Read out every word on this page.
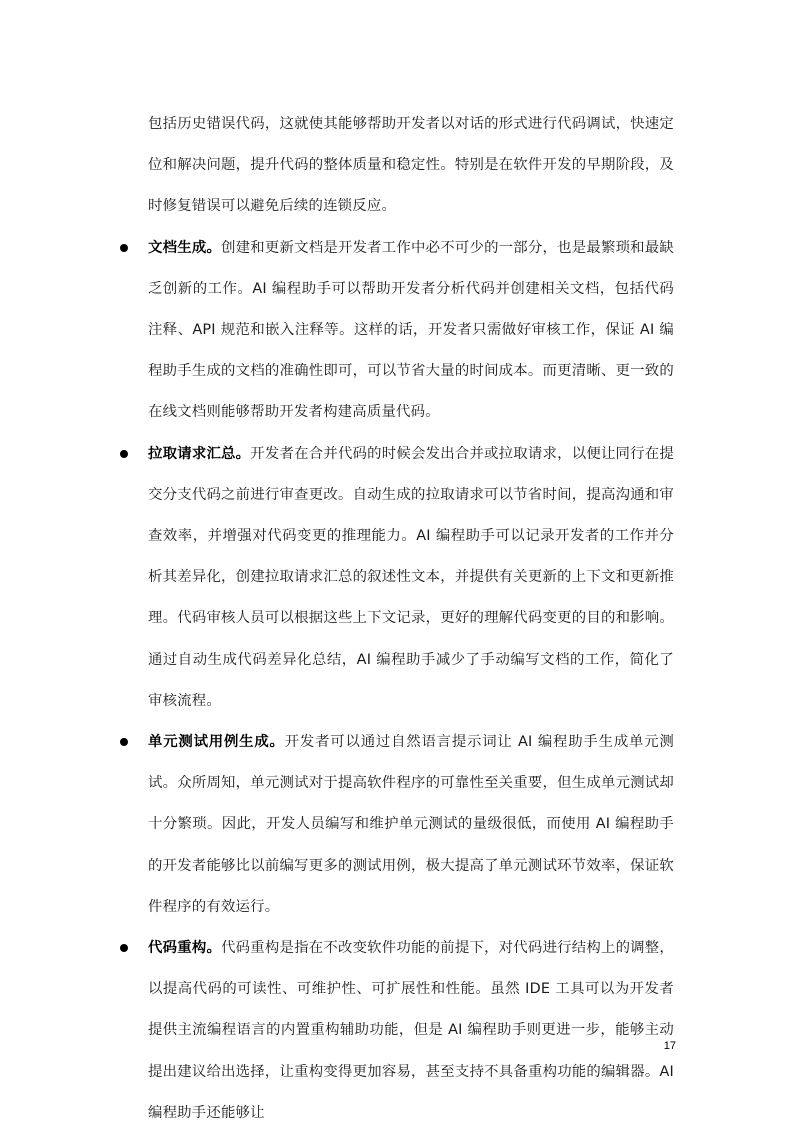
包括历史错误代码，这就使其能够帮助开发者以对话的形式进行代码调试，快速定位和解决问题，提升代码的整体质量和稳定性。特别是在软件开发的早期阶段，及时修复错误可以避免后续的连锁反应。

文档生成。创建和更新文档是开发者工作中必不可少的一部分，也是最繁琐和最缺乏创新的工作。AI 编程助手可以帮助开发者分析代码并创建相关文档，包括代码注释、API 规范和嵌入注释等。这样的话，开发者只需做好审核工作，保证 AI 编程助手生成的文档的准确性即可，可以节省大量的时间成本。而更清晰、更一致的在线文档则能够帮助开发者构建高质量代码。

拉取请求汇总。开发者在合并代码的时候会发出合并或拉取请求，以便让同行在提交分支代码之前进行审查更改。自动生成的拉取请求可以节省时间，提高沟通和审查效率，并增强对代码变更的推理能力。AI 编程助手可以记录开发者的工作并分析其差异化，创建拉取请求汇总的叙述性文本，并提供有关更新的上下文和更新推理。代码审核人员可以根据这些上下文记录，更好的理解代码变更的目的和影响。通过自动生成代码差异化总结，AI 编程助手减少了手动编写文档的工作，简化了审核流程。

单元测试用例生成。开发者可以通过自然语言提示词让 AI 编程助手生成单元测试。众所周知，单元测试对于提高软件程序的可靠性至关重要，但生成单元测试却十分繁琐。因此，开发人员编写和维护单元测试的量级很低，而使用 AI 编程助手的开发者能够比以前编写更多的测试用例，极大提高了单元测试环节效率，保证软件程序的有效运行。

代码重构。代码重构是指在不改变软件功能的前提下，对代码进行结构上的调整，以提高代码的可读性、可维护性、可扩展性和性能。虽然 IDE 工具可以为开发者提供主流编程语言的内置重构辅助功能，但是 AI 编程助手则更进一步，能够主动提出建议给出选择，让重构变得更加容易，甚至支持不具备重构功能的编辑器。AI 编程助手还能够让

17
